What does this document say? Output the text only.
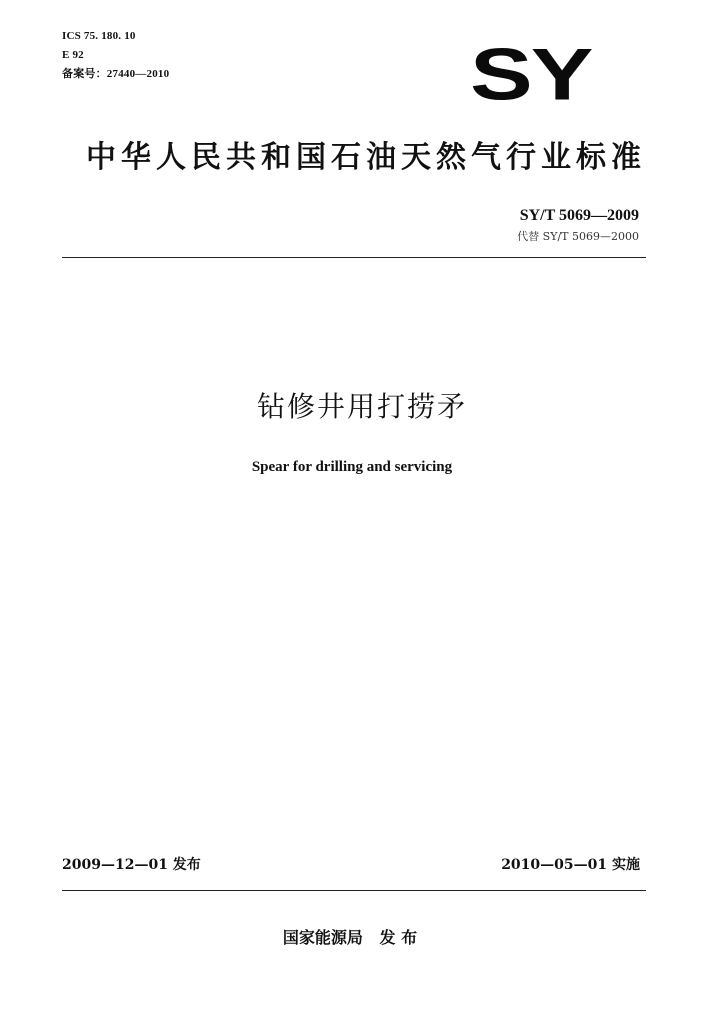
ICS 75. 180. 10
E 92
备案号：27440—2010	SY
中华人民共和国石油天然气行业标准
SY/T 5069—2009
代替 SY/T 5069—2000
钻修井用打捞矛
Spear for drilling and servicing
2009—12—01 发布	2010—05—01 实施
国家能源局   发 布
